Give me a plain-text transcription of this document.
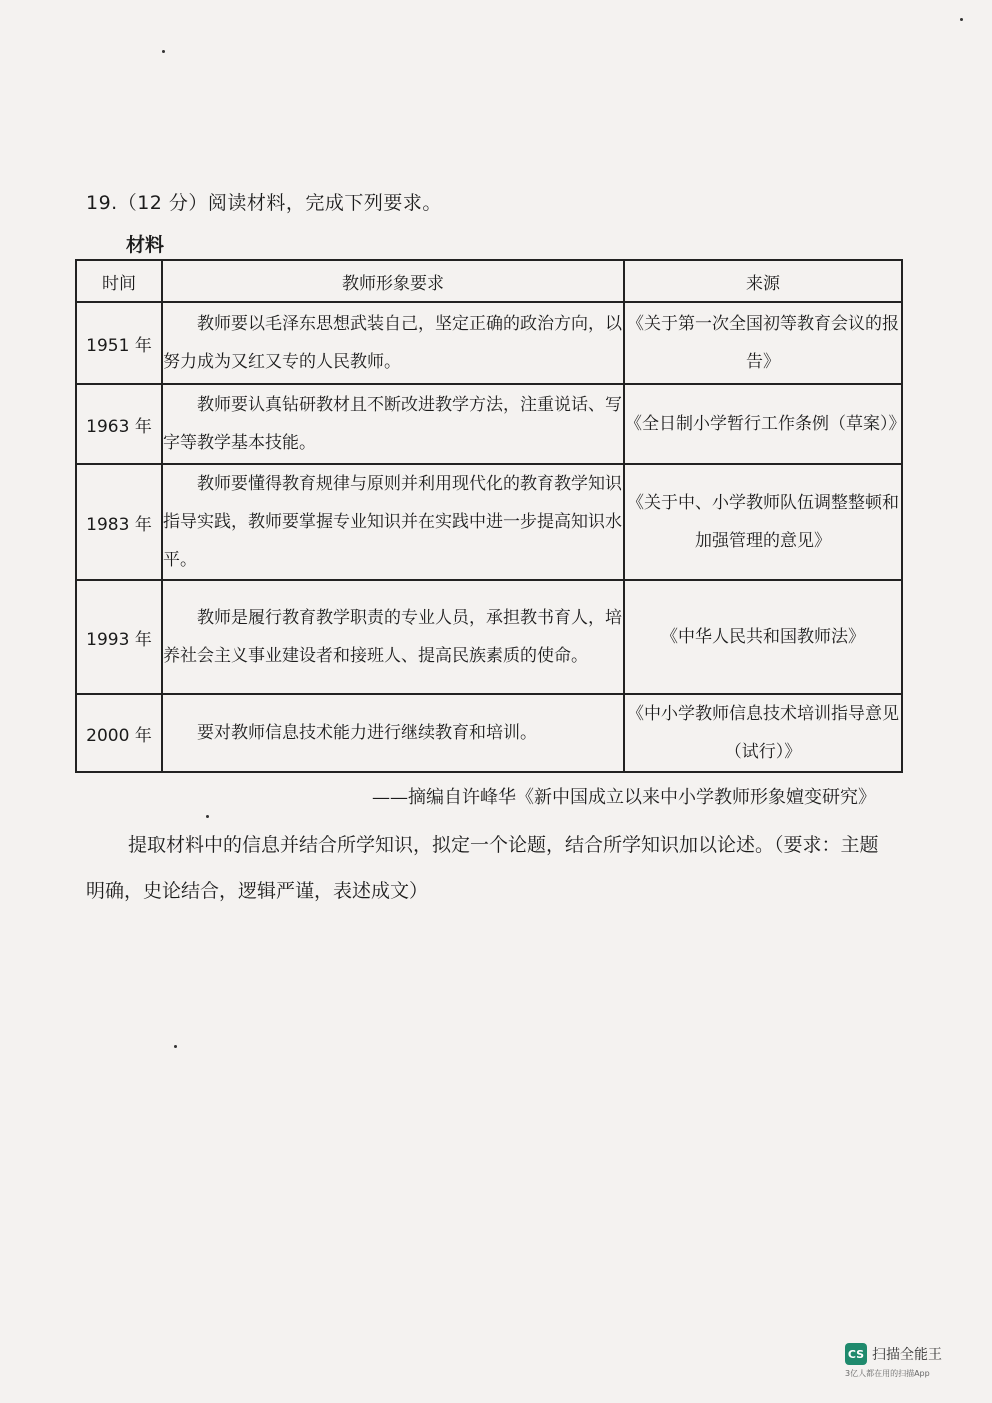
19.（12 分）阅读材料，完成下列要求。
材料
时间	教师形象要求	来源
1951 年	教师要以毛泽东思想武装自己，坚定正确的政治方向，以努力成为又红又专的人民教师。	《关于第一次全国初等教育会议的报告》
1963 年	教师要认真钻研教材且不断改进教学方法，注重说话、写字等教学基本技能。	《全日制小学暂行工作条例（草案）》
1983 年	教师要懂得教育规律与原则并利用现代化的教育教学知识指导实践，教师要掌握专业知识并在实践中进一步提高知识水平。	《关于中、小学教师队伍调整整顿和加强管理的意见》
1993 年	教师是履行教育教学职责的专业人员，承担教书育人，培养社会主义事业建设者和接班人、提高民族素质的使命。	《中华人民共和国教师法》
2000 年	要对教师信息技术能力进行继续教育和培训。	《中小学教师信息技术培训指导意见（试行）》
——摘编自许峰华《新中国成立以来中小学教师形象嬗变研究》
提取材料中的信息并结合所学知识，拟定一个论题，结合所学知识加以论述。（要求：主题明确，史论结合，逻辑严谨，表述成文）
CS 扫描全能王
3亿人都在用的扫描App
